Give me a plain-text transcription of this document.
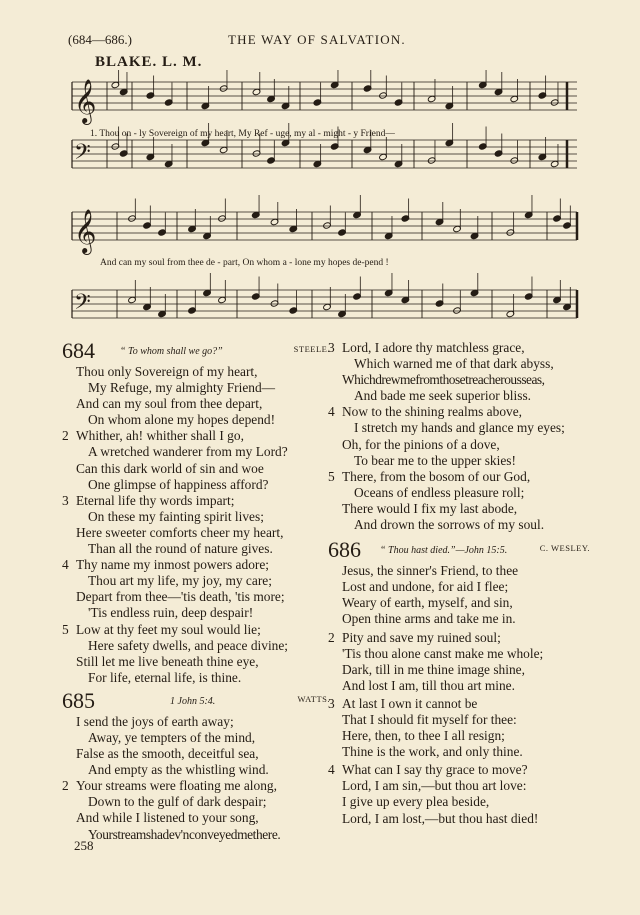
(684—686.)	THE WAY OF SALVATION.
BLAKE. L. M.
𝄞
𝄢
𝄞
𝄢
1. Thou on - ly Sovereign of my heart, My Ref - uge, my al - might - y Friend—
And can my soul from thee de - part, On whom a - lone my hopes de-pend !
684	“ To whom shall we go?”	STEELE.
Thou only Sovereign of my heart,
My Refuge, my almighty Friend—
And can my soul from thee depart,
On whom alone my hopes depend!
2 Whither, ah! whither shall I go,
A wretched wanderer from my Lord?
Can this dark world of sin and woe
One glimpse of happiness afford?
3 Eternal life thy words impart;
On these my fainting spirit lives;
Here sweeter comforts cheer my heart,
Than all the round of nature gives.
4 Thy name my inmost powers adore;
Thou art my life, my joy, my care;
Depart from thee—'tis death, 'tis more;
'Tis endless ruin, deep despair!
5 Low at thy feet my soul would lie;
Here safety dwells, and peace divine;
Still let me live beneath thine eye,
For life, eternal life, is thine.
685	1 John 5:4.	WATTS.
I send the joys of earth away;
Away, ye tempters of the mind,
False as the smooth, deceitful sea,
And empty as the whistling wind.
2 Your streams were floating me along,
Down to the gulf of dark despair;
And while I listened to your song,
Yourstreamshadev'nconveyedmethere.
3 Lord, I adore thy matchless grace,
Which warned me of that dark abyss,
Whichdrewmefromthosetreacherousseas,
And bade me seek superior bliss.
4 Now to the shining realms above,
I stretch my hands and glance my eyes;
Oh, for the pinions of a dove,
To bear me to the upper skies!
5 There, from the bosom of our God,
Oceans of endless pleasure roll;
There would I fix my last abode,
And drown the sorrows of my soul.
686 “ Thou hast died.”—John 15:5.	C. WESLEY.
Jesus, the sinner's Friend, to thee
Lost and undone, for aid I flee;
Weary of earth, myself, and sin,
Open thine arms and take me in.
2 Pity and save my ruined soul;
'Tis thou alone canst make me whole;
Dark, till in me thine image shine,
And lost I am, till thou art mine.
3 At last I own it cannot be
That I should fit myself for thee:
Here, then, to thee I all resign;
Thine is the work, and only thine.
4 What can I say thy grace to move?
Lord, I am sin,—but thou art love:
I give up every plea beside,
Lord, I am lost,—but thou hast died!
258
